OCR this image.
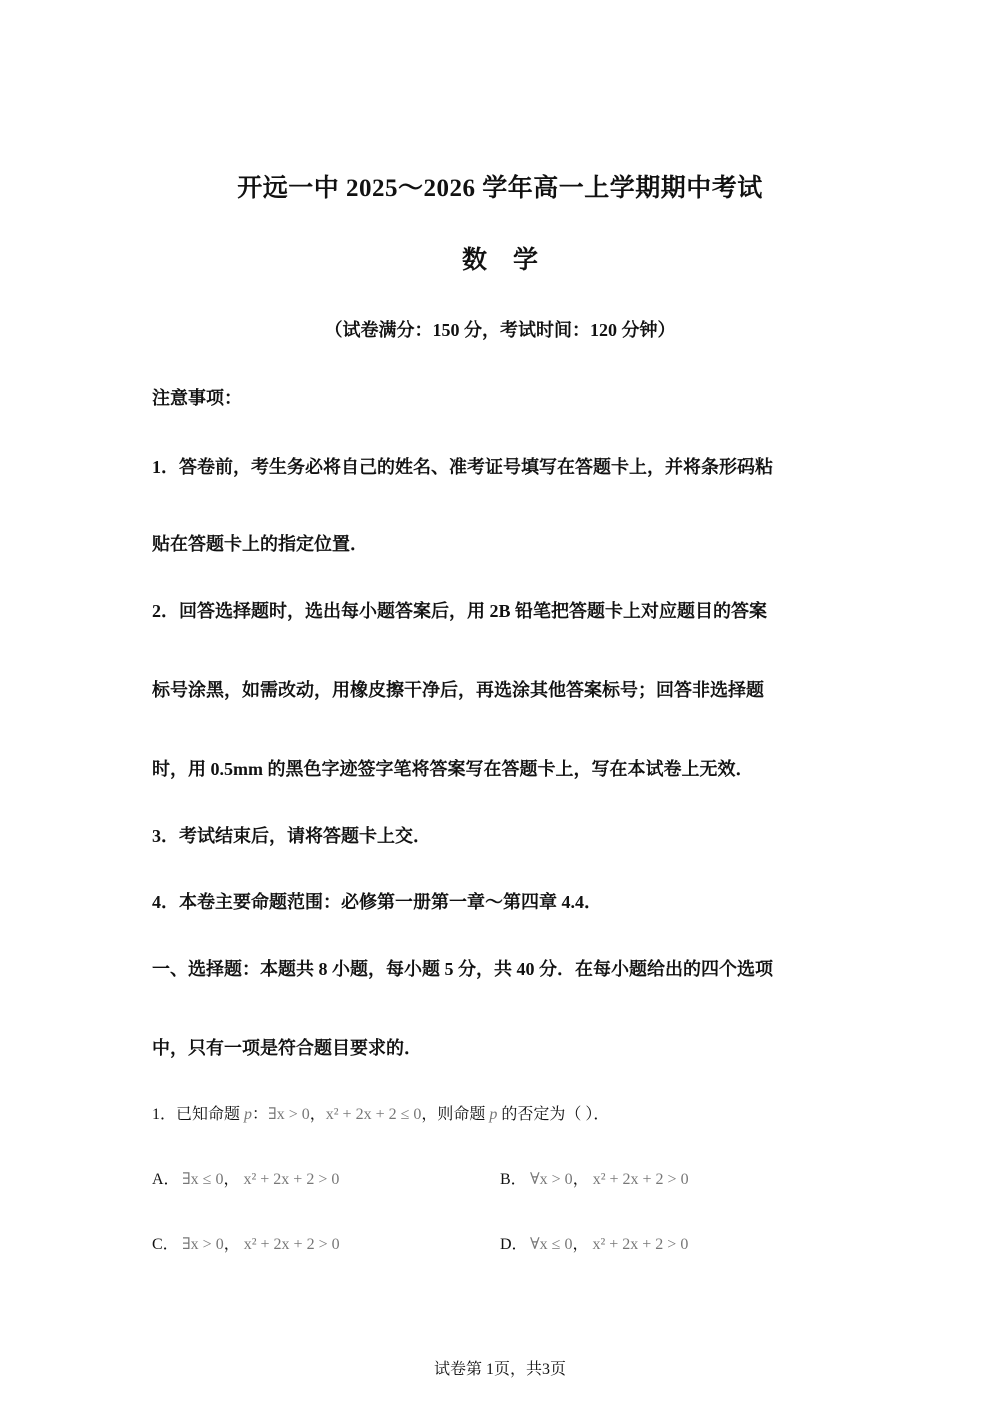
开远一中 2025～2026 学年高一上学期期中考试
数 学
（试卷满分：150 分，考试时间：120 分钟）
注意事项：
1．答卷前，考生务必将自己的姓名、准考证号填写在答题卡上，并将条形码粘
贴在答题卡上的指定位置．
2．回答选择题时，选出每小题答案后，用 2B 铅笔把答题卡上对应题目的答案
标号涂黑，如需改动，用橡皮擦干净后，再选涂其他答案标号；回答非选择题
时，用 0.5mm 的黑色字迹签字笔将答案写在答题卡上，写在本试卷上无效．
3．考试结束后，请将答题卡上交．
4．本卷主要命题范围：必修第一册第一章～第四章 4.4．
一、选择题：本题共 8 小题，每小题 5 分，共 40 分．在每小题给出的四个选项
中，只有一项是符合题目要求的．
1．已知命题 p：∃x > 0，x² + 2x + 2 ≤ 0，则命题 p 的否定为（ ）．
A． ∃x ≤ 0， x² + 2x + 2 > 0	B． ∀x > 0， x² + 2x + 2 > 0
C． ∃x > 0， x² + 2x + 2 > 0	D． ∀x ≤ 0， x² + 2x + 2 > 0
试卷第 1页，共3页
